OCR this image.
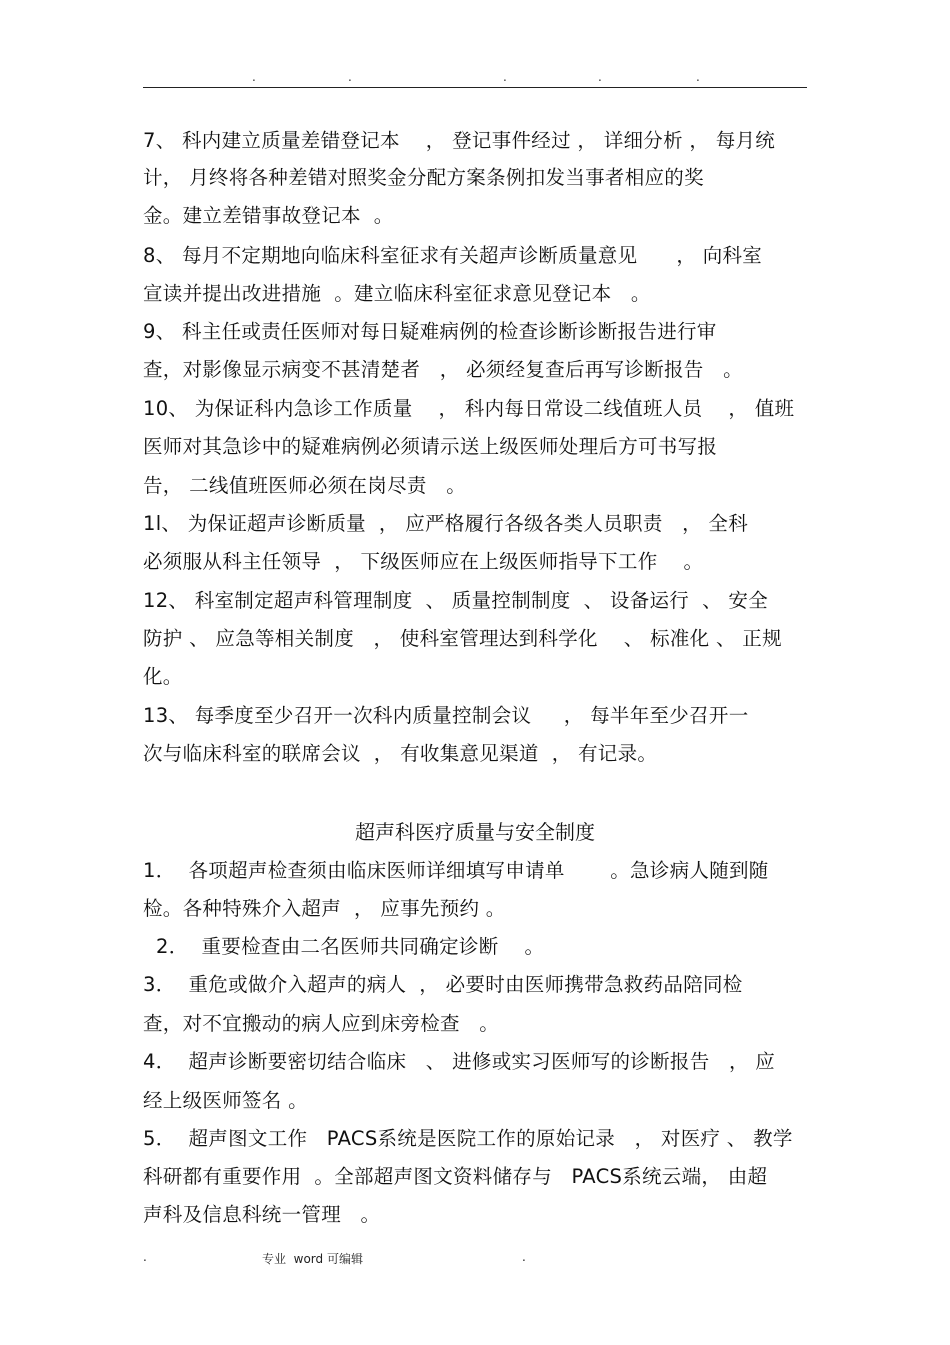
.	.	.	.	.
7、 科内建立质量差错登记本    ， 登记事件经过 ， 详细分析 ， 每月统
计， 月终将各种差错对照奖金分配方案条例扣发当事者相应的奖
金。建立差错事故登记本  。
8、 每月不定期地向临床科室征求有关超声诊断质量意见      ， 向科室
宣读并提出改进措施  。建立临床科室征求意见登记本   。
9、 科主任或责任医师对每日疑难病例的检查诊断诊断报告进行审
查，对影像显示病变不甚清楚者   ， 必须经复查后再写诊断报告   。
10、 为保证科内急诊工作质量    ， 科内每日常设二线值班人员    ， 值班
医师对其急诊中的疑难病例必须请示送上级医师处理后方可书写报
告， 二线值班医师必须在岗尽责   。
1l、 为保证超声诊断质量  ， 应严格履行各级各类人员职责   ， 全科
必须服从科主任领导  ， 下级医师应在上级医师指导下工作    。
12、 科室制定超声科管理制度  、 质量控制制度  、 设备运行  、 安全
防护 、 应急等相关制度   ， 使科室管理达到科学化    、 标准化 、 正规
化。
13、 每季度至少召开一次科内质量控制会议     ， 每半年至少召开一
次与临床科室的联席会议  ， 有收集意见渠道  ， 有记录。
超声科医疗质量与安全制度
1．  各项超声检查须由临床医师详细填写申请单       。急诊病人随到随
检。各种特殊介入超声  ， 应事先预约 。
2．  重要检查由二名医师共同确定诊断    。
3．  重危或做介入超声的病人  ， 必要时由医师携带急救药品陪同检
查，对不宜搬动的病人应到床旁检查   。
4．  超声诊断要密切结合临床   、 进修或实习医师写的诊断报告   ， 应
经上级医师签名 。
5．  超声图文工作   PACS系统是医院工作的原始记录   ， 对医疗 、 教学
科研都有重要作用  。全部超声图文资料储存与   PACS系统云端， 由超
声科及信息科统一管理   。
.	专业  word 可编辑	.
